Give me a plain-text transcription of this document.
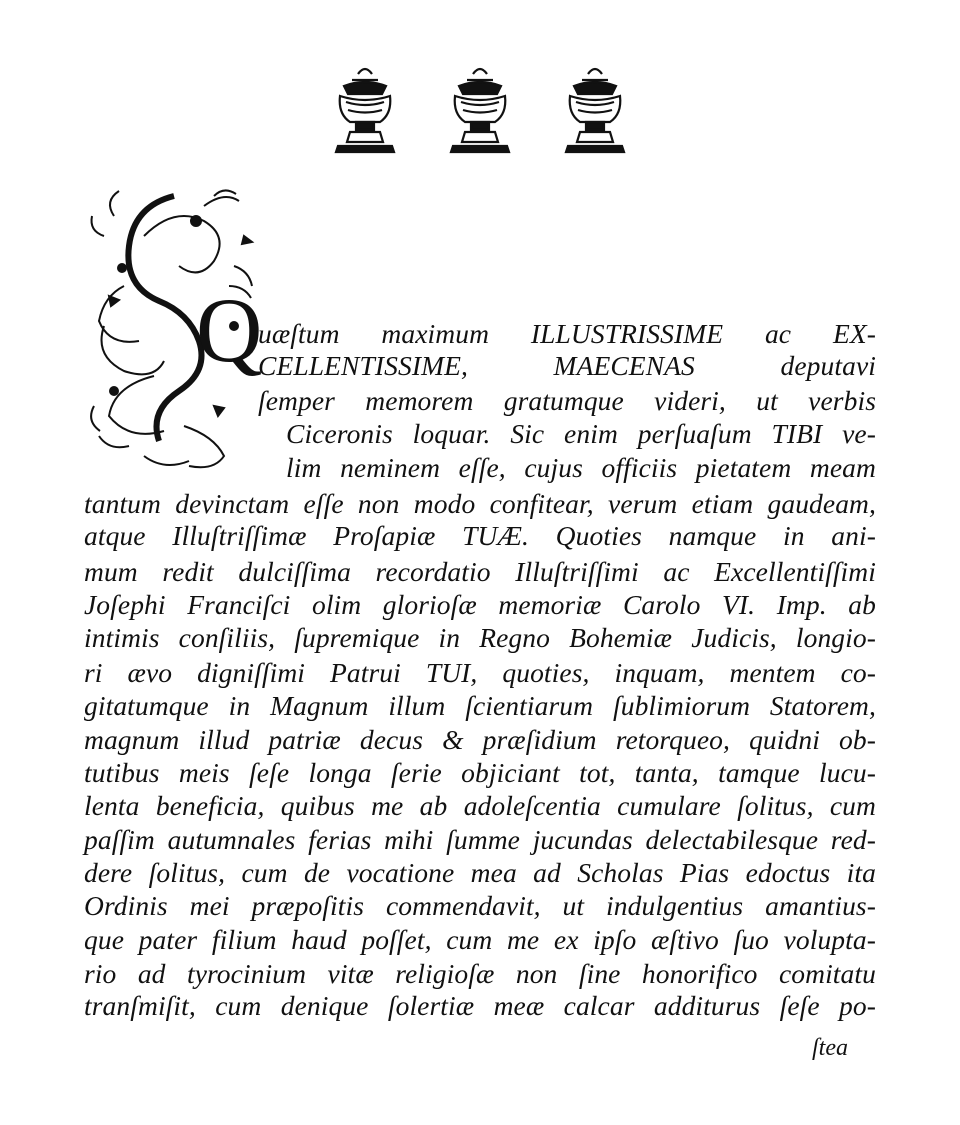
Q
uæſtum maximum ILLUSTRISSIME ac EX-
CELLENTISSIME, MAECENAS deputavi
ſemper memorem gratumque videri, ut verbis
Ciceronis loquar. Sic enim perſuaſum TIBI ve-
lim neminem eſſe, cujus officiis pietatem meam
tantum devinctam eſſe non modo confitear, verum etiam gaudeam,
atque Illuſtriſſimæ Proſapiæ TUÆ. Quoties namque in ani-
mum redit dulciſſima recordatio Illuſtriſſimi ac Excellentiſſimi
Joſephi Franciſci olim glorioſæ memoriæ Carolo VI. Imp. ab
intimis conſiliis, ſupremique in Regno Bohemiæ Judicis, longio-
ri ævo digniſſimi Patrui TUI, quoties, inquam, mentem co-
gitatumque in Magnum illum ſcientiarum ſublimiorum Statorem,
magnum illud patriæ decus & præſidium retorqueo, quidni ob-
tutibus meis ſeſe longa ſerie objiciant tot, tanta, tamque lucu-
lenta beneficia, quibus me ab adoleſcentia cumulare ſolitus, cum
paſſim autumnales ferias mihi ſumme jucundas delectabilesque red-
dere ſolitus, cum de vocatione mea ad Scholas Pias edoctus ita
Ordinis mei præpoſitis commendavit, ut indulgentius amantius-
que pater filium haud poſſet, cum me ex ipſo æſtivo ſuo volupta-
rio ad tyrocinium vitæ religioſæ non ſine honorifico comitatu
tranſmiſit, cum denique ſolertiæ meæ calcar additurus ſeſe po-
ſtea
